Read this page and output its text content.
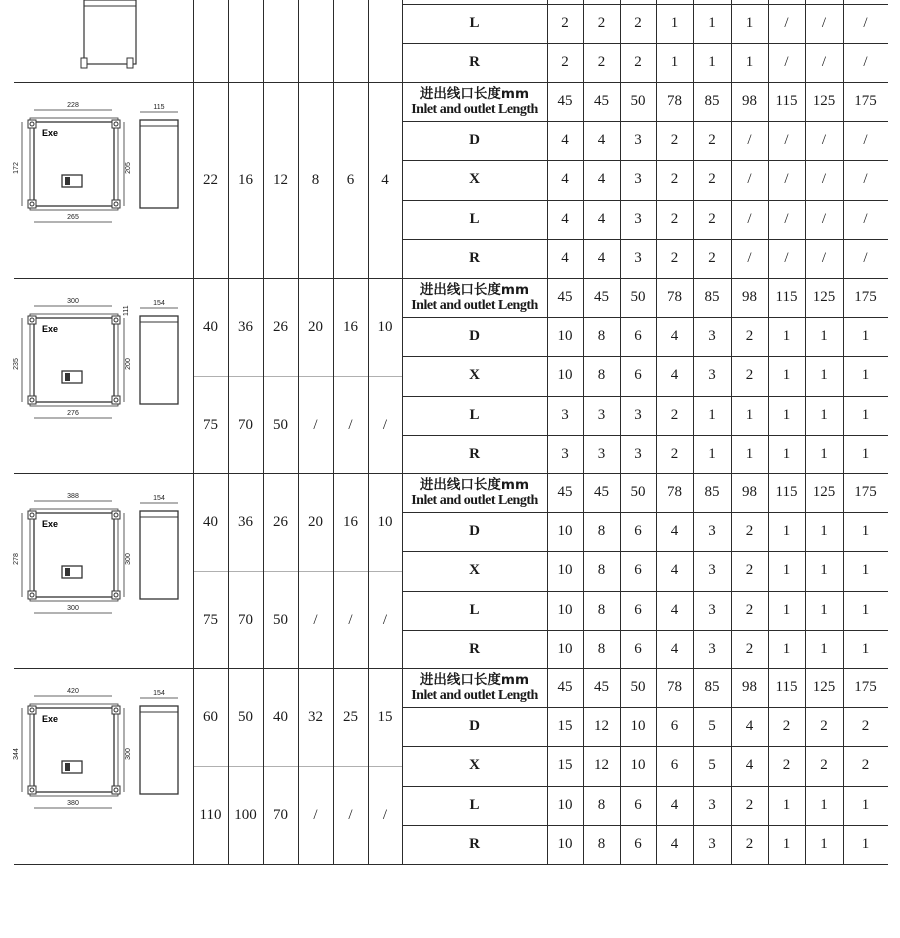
L	2	2	2	1	1	1	/	/	/
R	2	2	2	1	1	1	/	/	/
进出线口长度mm
Inlet and outlet Length	45	45	50	78	85	98	115	125	175
D	4	4	3	2	2	/	/	/	/
X	4	4	3	2	2	/	/	/	/
L	4	4	3	2	2	/	/	/	/
R	4	4	3	2	2	/	/	/	/
22	16	12	8	6	4
228	115
172	205
265
Exe
进出线口长度mm
Inlet and outlet Length	45	45	50	78	85	98	115	125	175
D	10	8	6	4	3	2	1	1	1
X	10	8	6	4	3	2	1	1	1
L	3	3	3	2	1	1	1	1	1
R	3	3	3	2	1	1	1	1	1
40	36	26	20	16	10
75	70	50	/	/	/
300	154
235	200
276
111
Exe
进出线口长度mm
Inlet and outlet Length	45	45	50	78	85	98	115	125	175
D	10	8	6	4	3	2	1	1	1
X	10	8	6	4	3	2	1	1	1
L	10	8	6	4	3	2	1	1	1
R	10	8	6	4	3	2	1	1	1
40	36	26	20	16	10
75	70	50	/	/	/
388	154
278	300
300
Exe
进出线口长度mm
Inlet and outlet Length	45	45	50	78	85	98	115	125	175
D	15	12	10	6	5	4	2	2	2
X	15	12	10	6	5	4	2	2	2
L	10	8	6	4	3	2	1	1	1
R	10	8	6	4	3	2	1	1	1
60	50	40	32	25	15
110 100	70	/	/	/
420	154
344	300
380
Exe
